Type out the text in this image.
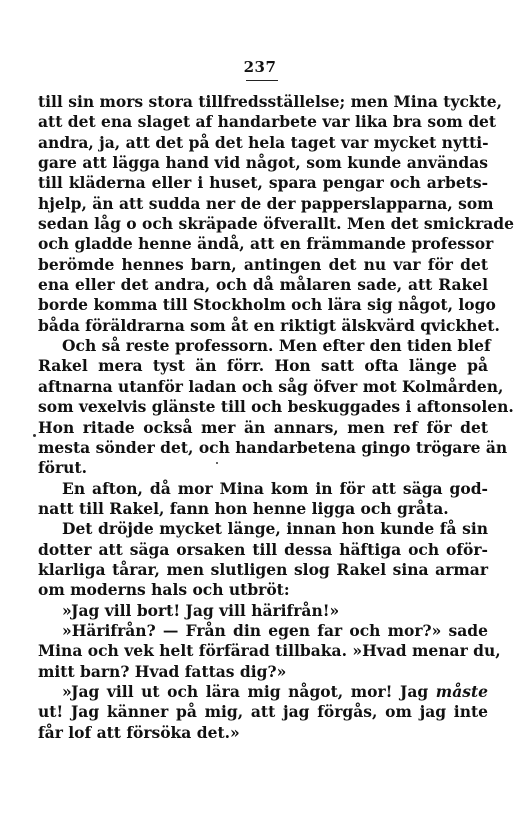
237
till sin mors stora tillfredsställelse; men Mina tyckte,
att det ena slaget af handarbete var lika bra som det
andra, ja, att det på det hela taget var mycket nytti-
gare att lägga hand vid något, som kunde användas
till kläderna eller i huset, spara pengar och arbets-
hjelp, än att sudda ner de der papperslapparna, som
sedan låg o och skräpade öfverallt. Men det smickrade
och gladde henne ändå, att en främmande professor
berömde hennes barn, antingen det nu var för det
ena eller det andra, och då målaren sade, att Rakel
borde komma till Stockholm och lära sig något, logo
båda föräldrarna som åt en riktigt älskvärd qvickhet.
Och så reste professorn. Men efter den tiden blef
Rakel mera tyst än förr. Hon satt ofta länge på
aftnarna utanför ladan och såg öfver mot Kolmården,
som vexelvis glänste till och beskuggades i aftonsolen.
Hon ritade också mer än annars, men ref för det
mesta sönder det, och handarbetena gingo trögare än
förut.
En afton, då mor Mina kom in för att säga god-
natt till Rakel, fann hon henne ligga och gråta.
Det dröjde mycket länge, innan hon kunde få sin
dotter att säga orsaken till dessa häftiga och oför-
klarliga tårar, men slutligen slog Rakel sina armar
om moderns hals och utbröt:
»Jag vill bort! Jag vill härifrån!»
»Härifrån? — Från din egen far och mor?» sade
Mina och vek helt förfärad tillbaka. »Hvad menar du,
mitt barn? Hvad fattas dig?»
»Jag vill ut och lära mig något, mor! Jag måste
ut! Jag känner på mig, att jag förgås, om jag inte
får lof att försöka det.»
